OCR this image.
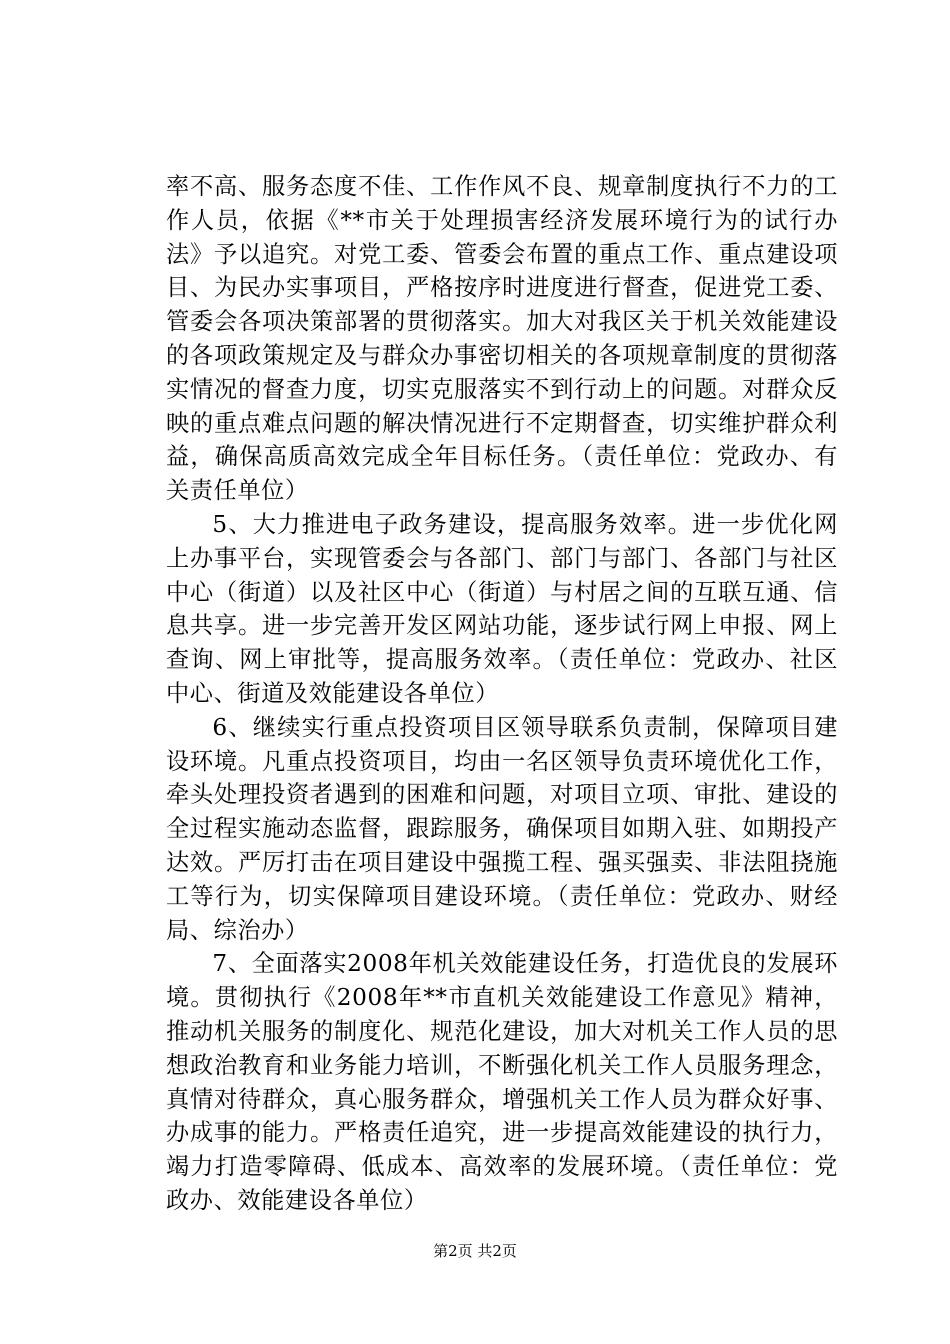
率不高、服务态度不佳、工作作风不良、规章制度执行不力的工作人员，依据《**市关于处理损害经济发展环境行为的试行办法》予以追究。对党工委、管委会布置的重点工作、重点建设项目、为民办实事项目，严格按序时进度进行督查，促进党工委、管委会各项决策部署的贯彻落实。加大对我区关于机关效能建设的各项政策规定及与群众办事密切相关的各项规章制度的贯彻落实情况的督查力度，切实克服落实不到行动上的问题。对群众反映的重点难点问题的解决情况进行不定期督查，切实维护群众利益，确保高质高效完成全年目标任务。（责任单位：党政办、有关责任单位）

5、大力推进电子政务建设，提高服务效率。进一步优化网上办事平台，实现管委会与各部门、部门与部门、各部门与社区中心（街道）以及社区中心（街道）与村居之间的互联互通、信息共享。进一步完善开发区网站功能，逐步试行网上申报、网上查询、网上审批等，提高服务效率。（责任单位：党政办、社区中心、街道及效能建设各单位）

6、继续实行重点投资项目区领导联系负责制，保障项目建设环境。凡重点投资项目，均由一名区领导负责环境优化工作，牵头处理投资者遇到的困难和问题，对项目立项、审批、建设的全过程实施动态监督，跟踪服务，确保项目如期入驻、如期投产达效。严厉打击在项目建设中强揽工程、强买强卖、非法阻挠施工等行为，切实保障项目建设环境。（责任单位：党政办、财经局、综治办）

7、全面落实2008年机关效能建设任务，打造优良的发展环境。贯彻执行《2008年**市直机关效能建设工作意见》精神，推动机关服务的制度化、规范化建设，加大对机关工作人员的思想政治教育和业务能力培训，不断强化机关工作人员服务理念，真情对待群众，真心服务群众，增强机关工作人员为群众好事、办成事的能力。严格责任追究，进一步提高效能建设的执行力，竭力打造零障碍、低成本、高效率的发展环境。（责任单位：党政办、效能建设各单位）

第2页 共2页
